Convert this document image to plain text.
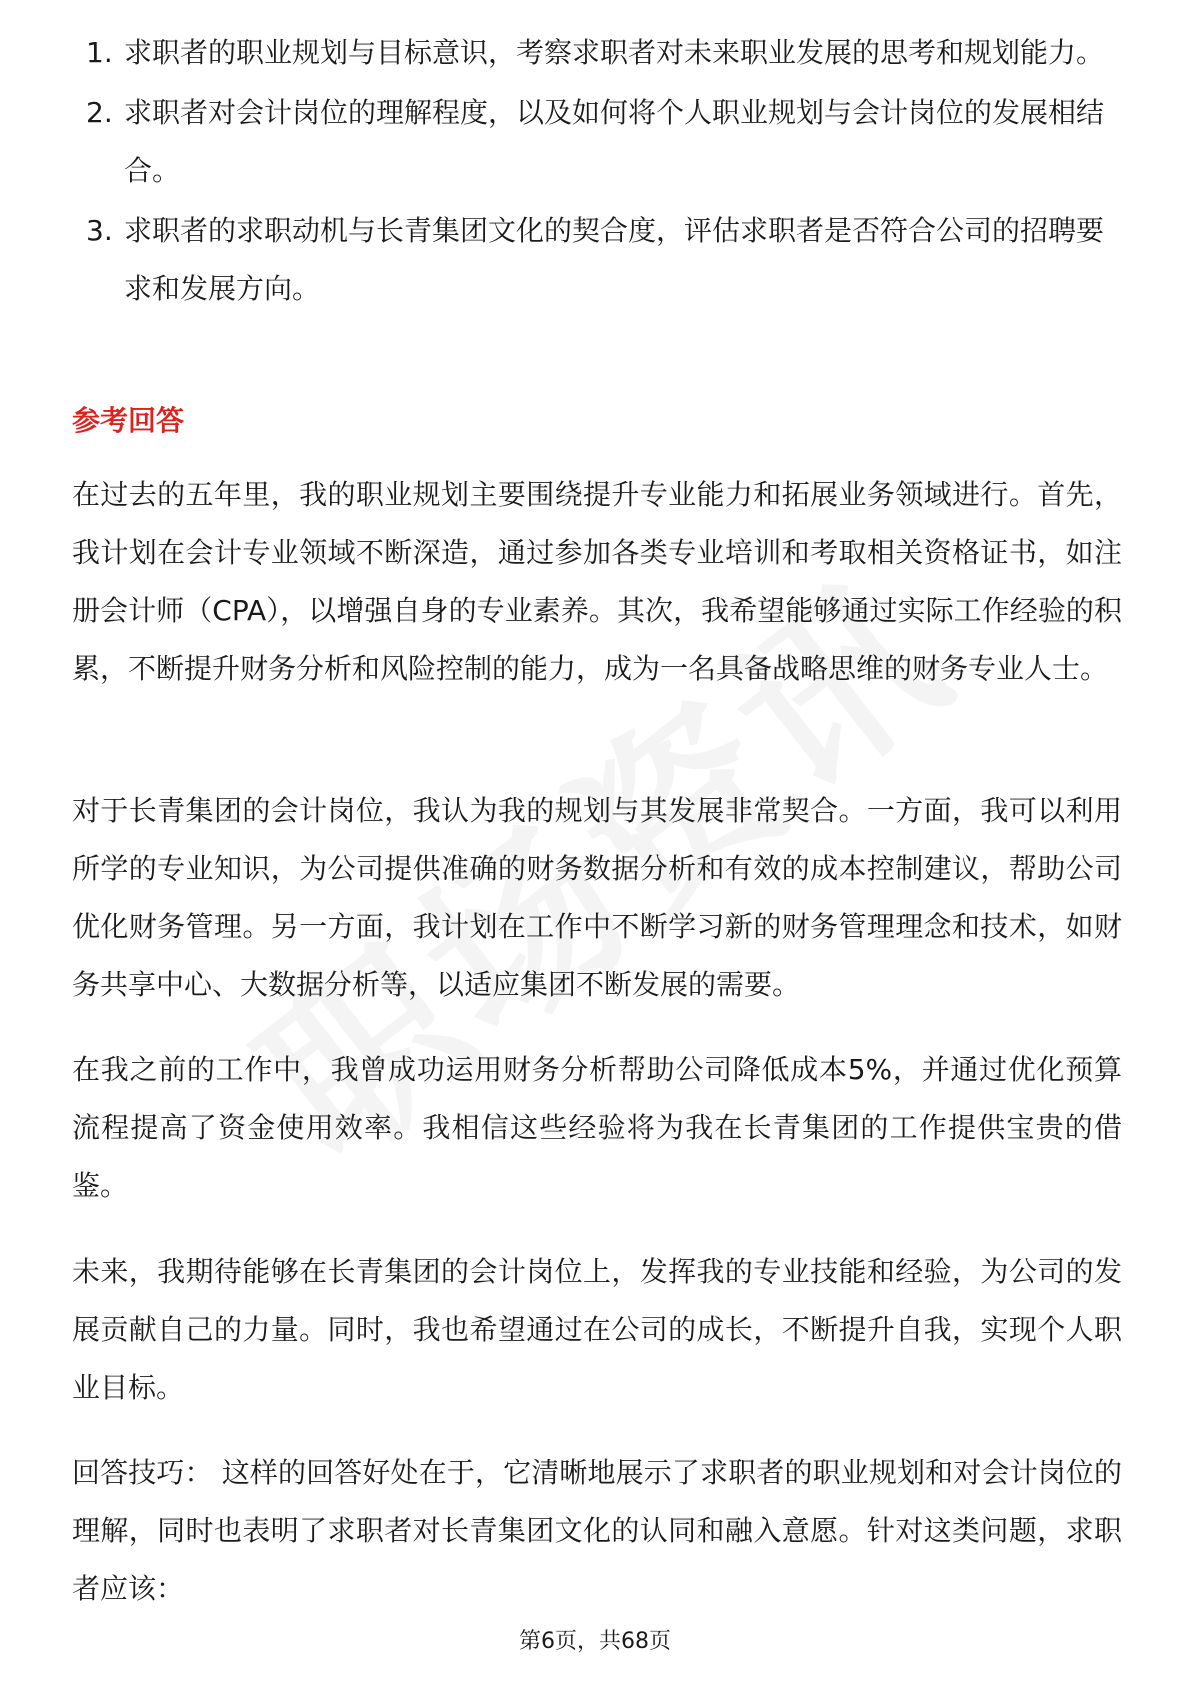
1. 求职者的职业规划与目标意识，考察求职者对未来职业发展的思考和规划能力。
2. 求职者对会计岗位的理解程度，以及如何将个人职业规划与会计岗位的发展相结合。
3. 求职者的求职动机与长青集团文化的契合度，评估求职者是否符合公司的招聘要求和发展方向。
参考回答

在过去的五年里，我的职业规划主要围绕提升专业能力和拓展业务领域进行。首先，我计划在会计专业领域不断深造，通过参加各类专业培训和考取相关资格证书，如注册会计师（CPA），以增强自身的专业素养。其次，我希望能够通过实际工作经验的积累，不断提升财务分析和风险控制的能力，成为一名具备战略思维的财务专业人士。

对于长青集团的会计岗位，我认为我的规划与其发展非常契合。一方面，我可以利用所学的专业知识，为公司提供准确的财务数据分析和有效的成本控制建议，帮助公司优化财务管理。另一方面，我计划在工作中不断学习新的财务管理理念和技术，如财务共享中心、大数据分析等，以适应集团不断发展的需要。

在我之前的工作中，我曾成功运用财务分析帮助公司降低成本5%，并通过优化预算流程提高了资金使用效率。我相信这些经验将为我在长青集团的工作提供宝贵的借鉴。

未来，我期待能够在长青集团的会计岗位上，发挥我的专业技能和经验，为公司的发展贡献自己的力量。同时，我也希望通过在公司的成长，不断提升自我，实现个人职业目标。

回答技巧： 这样的回答好处在于，它清晰地展示了求职者的职业规划和对会计岗位的理解，同时也表明了求职者对长青集团文化的认同和融入意愿。针对这类问题，求职者应该：

第6页，共68页
